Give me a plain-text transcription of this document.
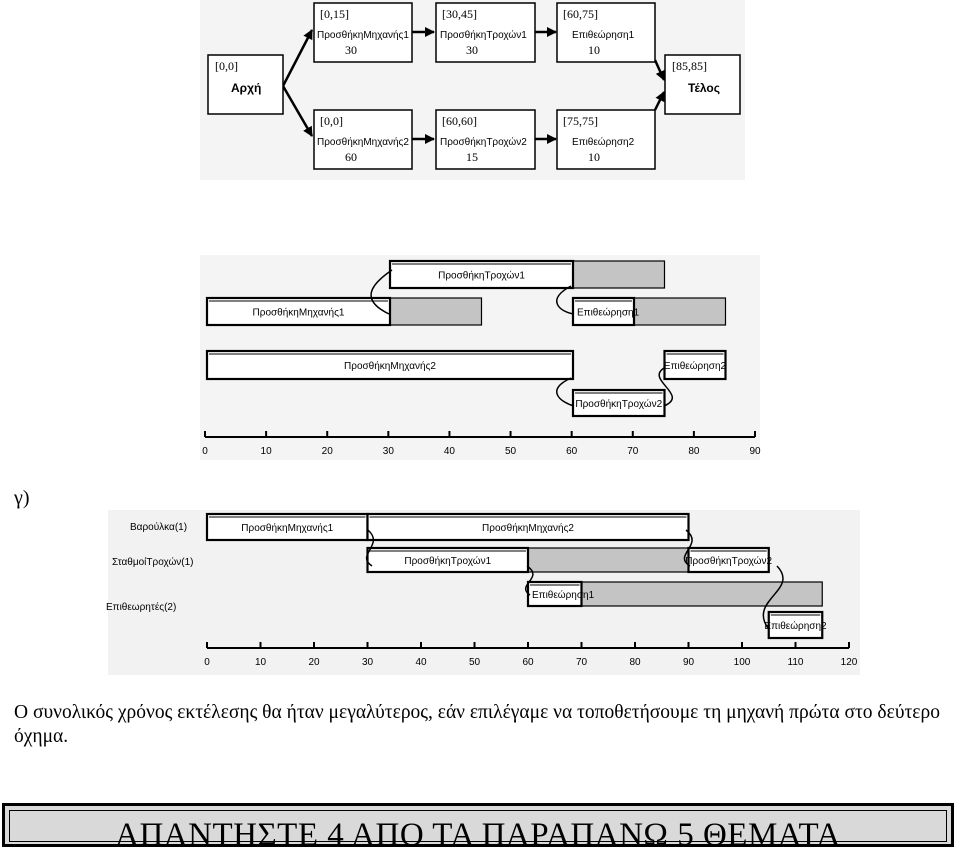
[0,0]
Αρχή
[85,85]
Τέλος
[0,15]
ΠροσθήκηΜηχανής1
30
[30,45]
ΠροσθήκηΤροχών1
30
[60,75]
Επιθεώρηση1
10
[0,0]
ΠροσθήκηΜηχανής2
60
[60,60]
ΠροσθήκηΤροχών2
15
[75,75]
Επιθεώρηση2
10
ΠροσθήκηΤροχών1
ΠροσθήκηΜηχανής1	Επιθεώρηση1
ΠροσθήκηΜηχανής2	Επιθεώρηση2
ΠροσθήκηΤροχών2
0	10	20	30	40	50	60	70	80	90
Βαρούλκα(1)
ΣταθμοίΤροχών(1)
Επιθεωρητές(2)
ΠροσθήκηΜηχανής1	ΠροσθήκηΜηχανής2
ΠροσθήκηΤροχών1	ΠροσθήκηΤροχών2
Επιθεώρηση1
Επιθεώρηση2
0	10	20	30	40	50	60	70	80	90	100	110	120
γ)
Ο συνολικός χρόνος εκτέλεσης θα ήταν μεγαλύτερος, εάν επιλέγαμε να τοποθετήσουμε τη μηχανή πρώτα στο δεύτερο όχημα.
ΑΠΑΝΤΗΣΤΕ 4 ΑΠΟ ΤΑ ΠΑΡΑΠΑΝΩ 5 ΘΕΜΑΤΑ
